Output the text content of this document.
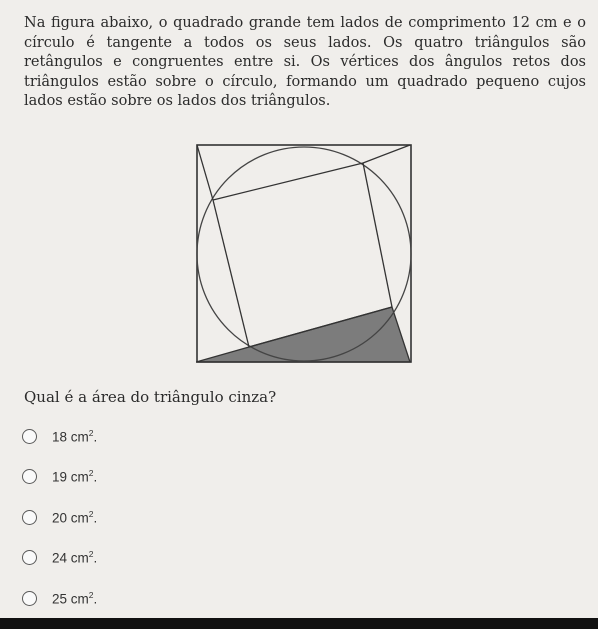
Na figura abaixo, o quadrado grande tem lados de comprimento 12 cm e o círculo é tangente a todos os seus lados. Os quatro triângulos são retângulos e congruentes entre si. Os vértices dos ângulos retos dos triângulos estão sobre o círculo, formando um quadrado pequeno cujos lados estão sobre os lados dos triângulos.

Qual é a área do triângulo cinza?

18 $cm^2$.
19 $cm^2$.
20 $cm^2$.
24 $cm^2$.
25 $cm^2$.
